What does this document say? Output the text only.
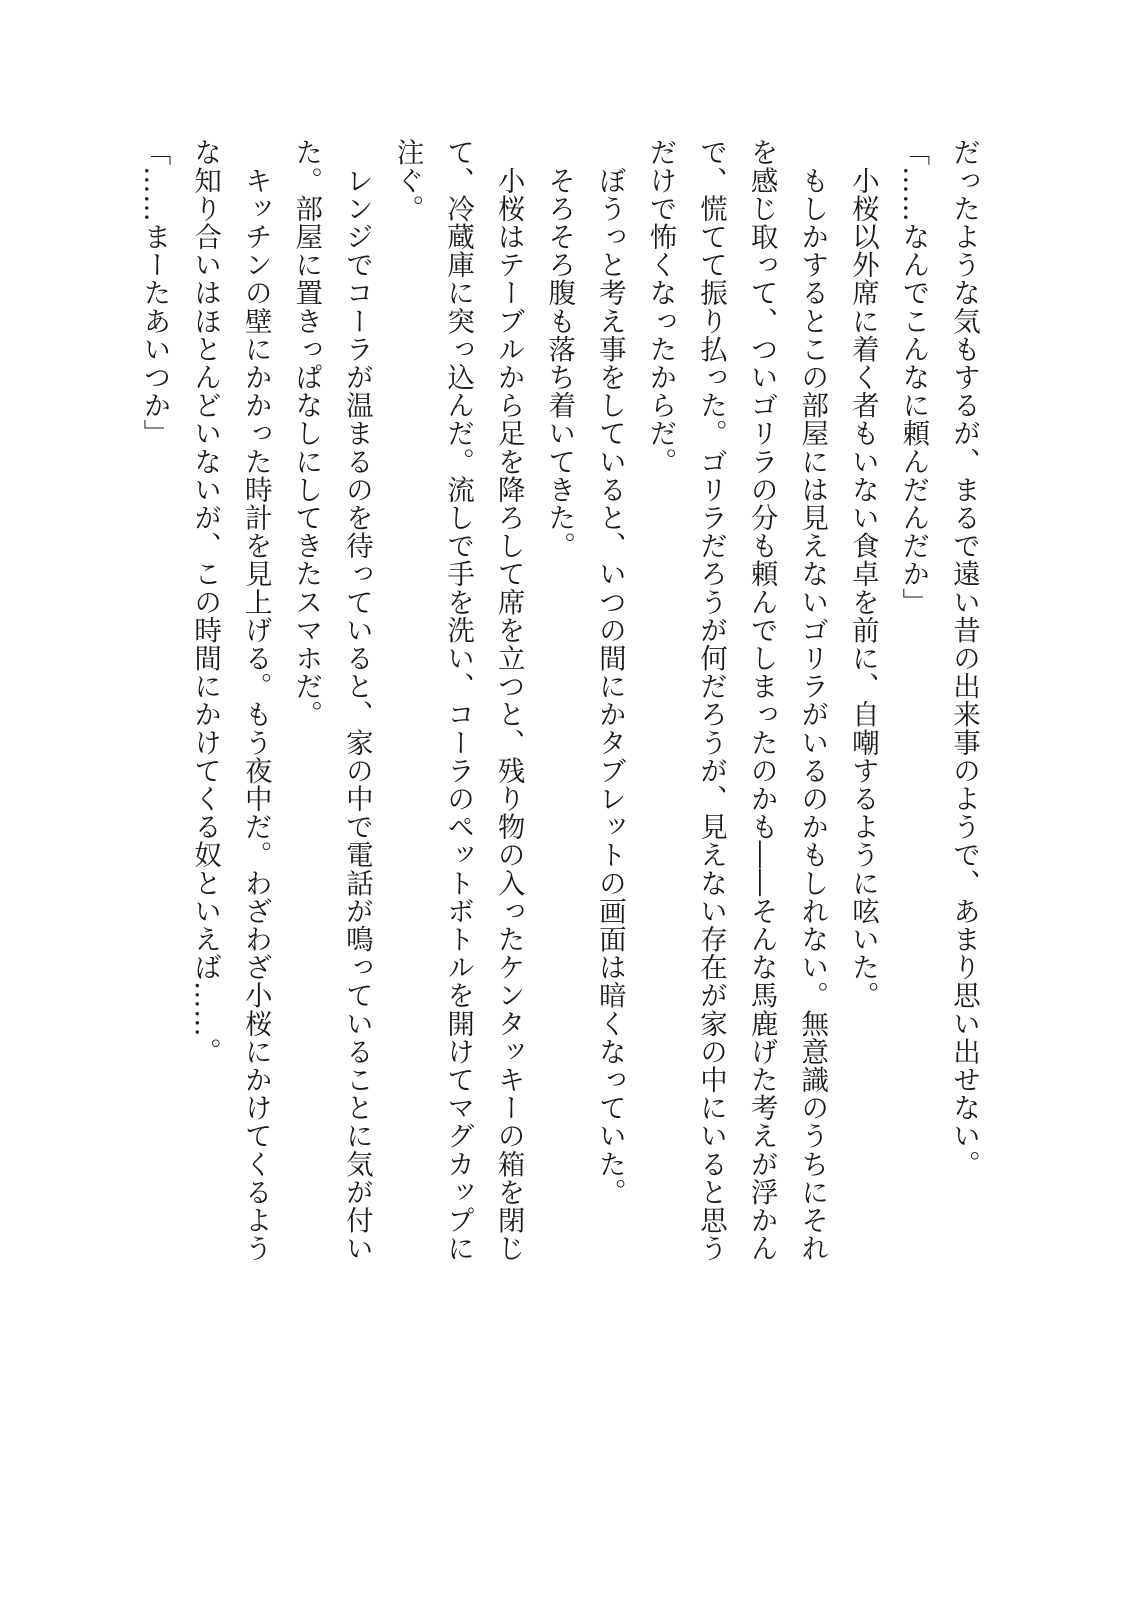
だったような気もするが、まるで遠い昔の出来事のようで、あまり思い出せない。
「……なんでこんなに頼んだんだか」
　小桜以外席に着く者もいない食卓を前に、自嘲するように呟いた。
　もしかするとこの部屋には見えないゴリラがいるのかもしれない。無意識のうちにそれ
を感じ取って、ついゴリラの分も頼んでしまったのかも――そんな馬鹿げた考えが浮かん
で、慌てて振り払った。ゴリラだろうが何だろうが、見えない存在が家の中にいると思う
だけで怖くなったからだ。
　ぼうっと考え事をしていると、いつの間にかタブレットの画面は暗くなっていた。
　そろそろ腹も落ち着いてきた。
　小桜はテーブルから足を降ろして席を立つと、残り物の入ったケンタッキーの箱を閉じ
て、冷蔵庫に突っ込んだ。流しで手を洗い、コーラのペットボトルを開けてマグカップに
注ぐ。
　レンジでコーラが温まるのを待っていると、家の中で電話が鳴っていることに気が付い
た。部屋に置きっぱなしにしてきたスマホだ。
　キッチンの壁にかかった時計を見上げる。もう夜中だ。わざわざ小桜にかけてくるよう
な知り合いはほとんどいないが、この時間にかけてくる奴といえば……。
「……まーたあいつか」
